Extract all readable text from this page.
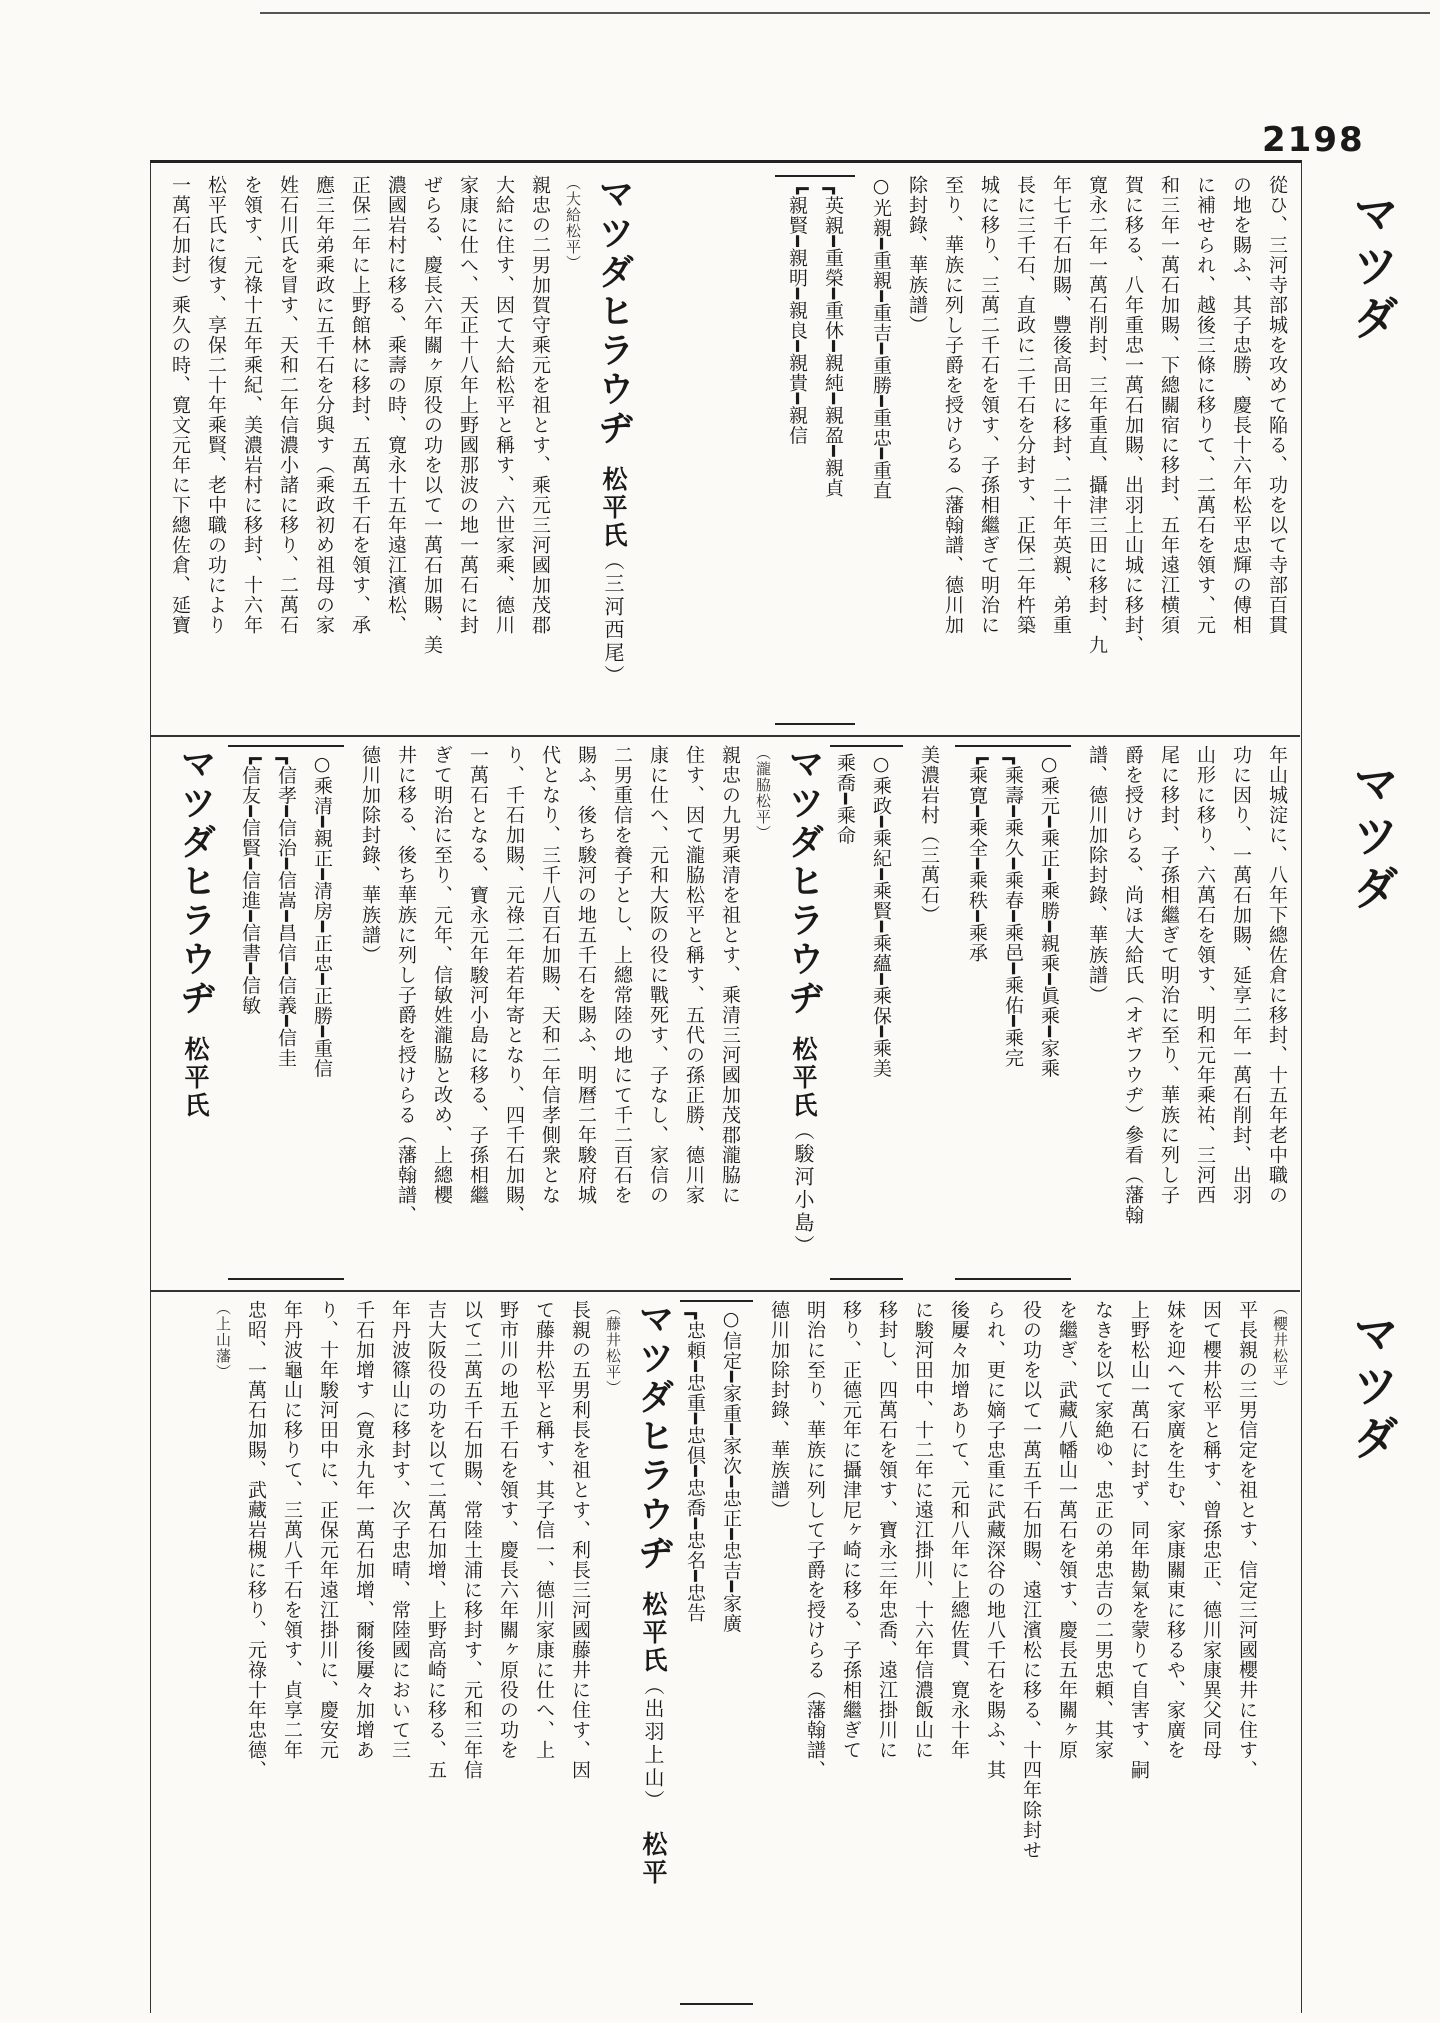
2198
マツダ
マツダ
マツダ

從ひ、三河寺部城を攻めて陥る、功を以て寺部百貫

の地を賜ふ、其子忠勝、慶長十六年松平忠輝の傅相

に補せられ、越後三條に移りて、二萬石を領す、元

和三年一萬石加賜、下總關宿に移封、五年遠江横須

賀に移る、八年重忠一萬石加賜、出羽上山城に移封、

寛永二年一萬石削封、三年重直、攝津三田に移封、九

年七千石加賜、豐後高田に移封、二十年英親、弟重

長に三千石、直政に二千石を分封す、正保二年杵築

城に移り、三萬二千石を領す、子孫相繼ぎて明治に

至り、華族に列し子爵を授けらる（藩翰譜、德川加

除封錄、華族譜）

○光親━重親━重吉━重勝━重忠━重直

┏英親━重榮━重休━親純━親盈━親貞

┗親賢━親明━親良━親貴━親信

マツダヒラウヂ松平氏（三河西尾）

（大給松平）

親忠の二男加賀守乘元を祖とす、乘元三河國加茂郡

大給に住す、因て大給松平と稱す、六世家乘、德川

家康に仕へ、天正十八年上野國那波の地一萬石に封

ぜらる、慶長六年關ヶ原役の功を以て一萬石加賜、美

濃國岩村に移る、乘壽の時、寛永十五年遠江濱松、

正保二年に上野館林に移封、五萬五千石を領す、承

應三年弟乘政に五千石を分與す（乘政初め祖母の家

姓石川氏を冒す、天和二年信濃小諸に移り、二萬石

を領す、元祿十五年乘紀、美濃岩村に移封、十六年

松平氏に復す、享保二十年乘賢、老中職の功により

一萬石加封）乘久の時、寛文元年に下總佐倉、延寶

年山城淀に、八年下總佐倉に移封、十五年老中職の

功に因り、一萬石加賜、延享二年一萬石削封、出羽

山形に移り、六萬石を領す、明和元年乘祐、三河西

尾に移封、子孫相繼ぎて明治に至り、華族に列し子

爵を授けらる、尚ほ大給氏（オギフウヂ）參看（藩翰

譜、德川加除封錄、華族譜）

○乘元━乘正━乘勝━親乘━眞乘━家乘

┏乘壽━乘久━乘春━乘邑━乘佑━乘完

┗乘寛━乘全━乘秩━乘承

美濃岩村（三萬石）

○乘政━乘紀━乘賢━乘蘊━乘保━乘美

乘喬━乘命

マツダヒラウヂ松平氏（駿河小島）

（瀧脇松平）

親忠の九男乘清を祖とす、乘清三河國加茂郡瀧脇に

住す、因て瀧脇松平と稱す、五代の孫正勝、德川家

康に仕へ、元和大阪の役に戰死す、子なし、家信の

二男重信を養子とし、上總常陸の地にて千二百石を

賜ふ、後ち駿河の地五千石を賜ふ、明曆二年駿府城

代となり、三千八百石加賜、天和二年信孝側衆とな

り、千石加賜、元祿二年若年寄となり、四千石加賜、

一萬石となる、寶永元年駿河小島に移る、子孫相繼

ぎて明治に至り、元年、信敏姓瀧脇と改め、上總櫻

井に移る、後ち華族に列し子爵を授けらる（藩翰譜、

德川加除封錄、華族譜）

○乘清━親正━清房━正忠━正勝━重信

┏信孝━信治━信嵩━昌信━信義━信圭

┗信友━信賢━信進━信書━信敏

マツダヒラウヂ松平氏

（櫻井松平）

平長親の三男信定を祖とす、信定三河國櫻井に住す、

因て櫻井松平と稱す、曾孫忠正、德川家康異父同母

妹を迎へて家廣を生む、家康關東に移るや、家廣を

上野松山一萬石に封ず、同年勘氣を蒙りて自害す、嗣

なきを以て家絶ゆ、忠正の弟忠吉の二男忠頼、其家

を繼ぎ、武藏八幡山一萬石を領す、慶長五年關ヶ原

役の功を以て一萬五千石加賜、遠江濱松に移る、十四年除封せ

られ、更に嫡子忠重に武藏深谷の地八千石を賜ふ、其

後屢々加增ありて、元和八年に上總佐貫、寛永十年

に駿河田中、十二年に遠江掛川、十六年信濃飯山に

移封し、四萬石を領す、寶永三年忠喬、遠江掛川に

移り、正德元年に攝津尼ヶ崎に移る、子孫相繼ぎて

明治に至り、華族に列して子爵を授けらる（藩翰譜、

德川加除封錄、華族譜）

○信定━家重━家次━忠正━忠吉━家廣

┏忠頼━忠重━忠倶━忠喬━忠名━忠告

マツダヒラウヂ松平氏（出羽上山）松平

（藤井松平）

長親の五男利長を祖とす、利長三河國藤井に住す、因

て藤井松平と稱す、其子信一、德川家康に仕へ、上

野市川の地五千石を領す、慶長六年關ヶ原役の功を

以て二萬五千石加賜、常陸土浦に移封す、元和三年信

吉大阪役の功を以て二萬石加增、上野高崎に移る、五

年丹波篠山に移封す、次子忠晴、常陸國において三

千石加增す（寛永九年一萬石加增、爾後屢々加增あ

り、十年駿河田中に、正保元年遠江掛川に、慶安元

年丹波龜山に移りて、三萬八千石を領す、貞享二年

忠昭、一萬石加賜、武藏岩槻に移り、元祿十年忠德、

（上山藩）
